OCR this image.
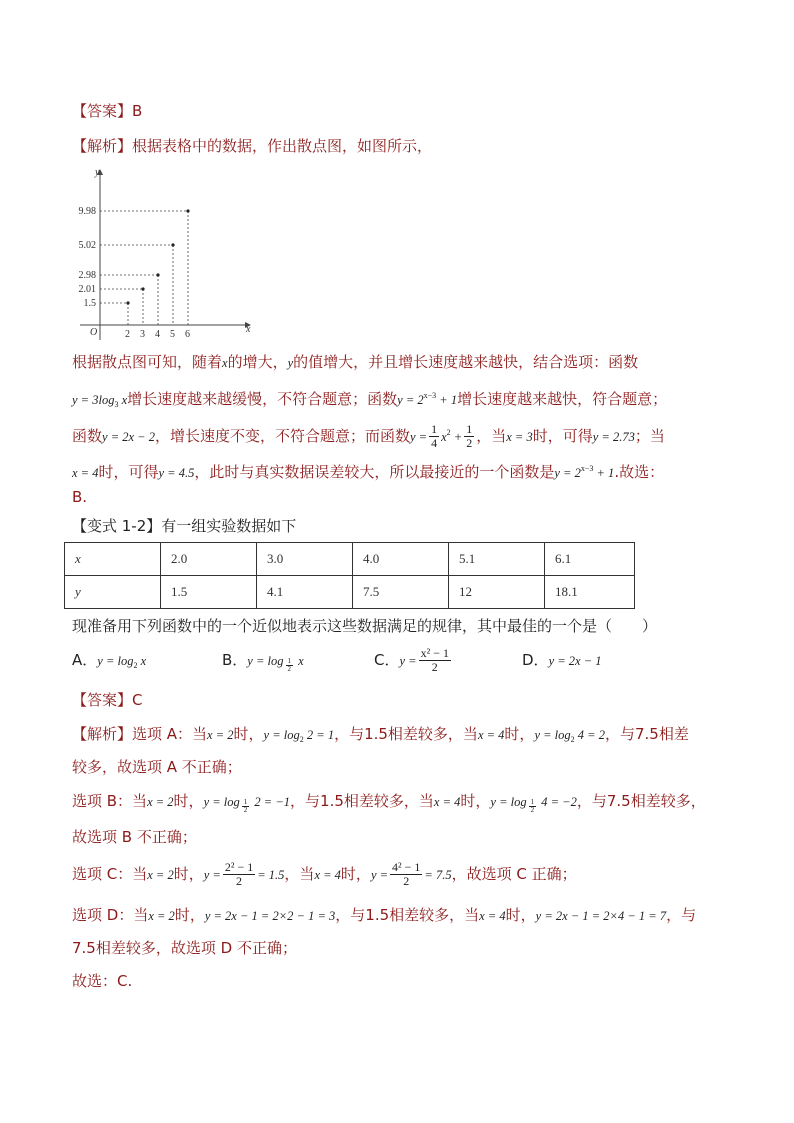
【答案】B
【解析】根据表格中的数据，作出散点图，如图所示，
x
y
O	2
1.5
3
2.01
4
2.98
5
5.02
6
9.98
根据散点图可知，随着x的增大，y的值增大，并且增长速度越来越快，结合选项：函数
$y = 3\log_3$ x增长速度越来越缓慢，不符合题意；函数$y = 2^{x-3} + 1$增长速度越来越快，符合题意；
函数y = 2x − 2，增长速度不变，不符合题意；而函数$y = \frac{1}{4} x^2 + \frac{1}{2}$ ，当x = 3时，可得y = 2.73；当
x = 4时，可得y = 4.5，此时与真实数据误差较大，所以最接近的一个函数是$y = 2^{x-3} + 1$.故选：
B.
【变式 1-2】有一组实验数据如下
x	2.0	3.0	4.0	5.1	6.1
y	1.5	4.1	7.5	12	18.1
现准备用下列函数中的一个近似地表示这些数据满足的规律，其中最佳的一个是（　　）
A．$y = \log_2 x$	B．$y = \log \frac{1}{2}$ x	C．$y = \frac{\text{x² − 1}}{2}$	D．y = 2x − 1
【答案】C
【解析】选项 A：当x = 2时，$y = \log_2 2 = 1$，与1.5相差较多，当x = 4时，$y = \log_2 4 = 2$，与7.5相差
较多，故选项 A 不正确；
选项 B：当x = 2时，$y = \log \frac{1}{2} 2 = -1$，与1.5相差较多，当x = 4时，$y = \log \frac{1}{2} 4 = -2$，与7.5相差较多，
故选项 B 不正确；
选项 C：当x = 2时，$y = \frac{\text{2² − 1}}{2} = 1.5$，当x = 4时，$y = \frac{\text{4² − 1}}{2} = 7.5$，故选项 C 正确；
选项 D：当x = 2时，y = 2x − 1 = 2×2 − 1 = 3，与1.5相差较多，当x = 4时，y = 2x − 1 = 2×4 − 1 = 7，与
7.5相差较多，故选项 D 不正确；
故选：C.
